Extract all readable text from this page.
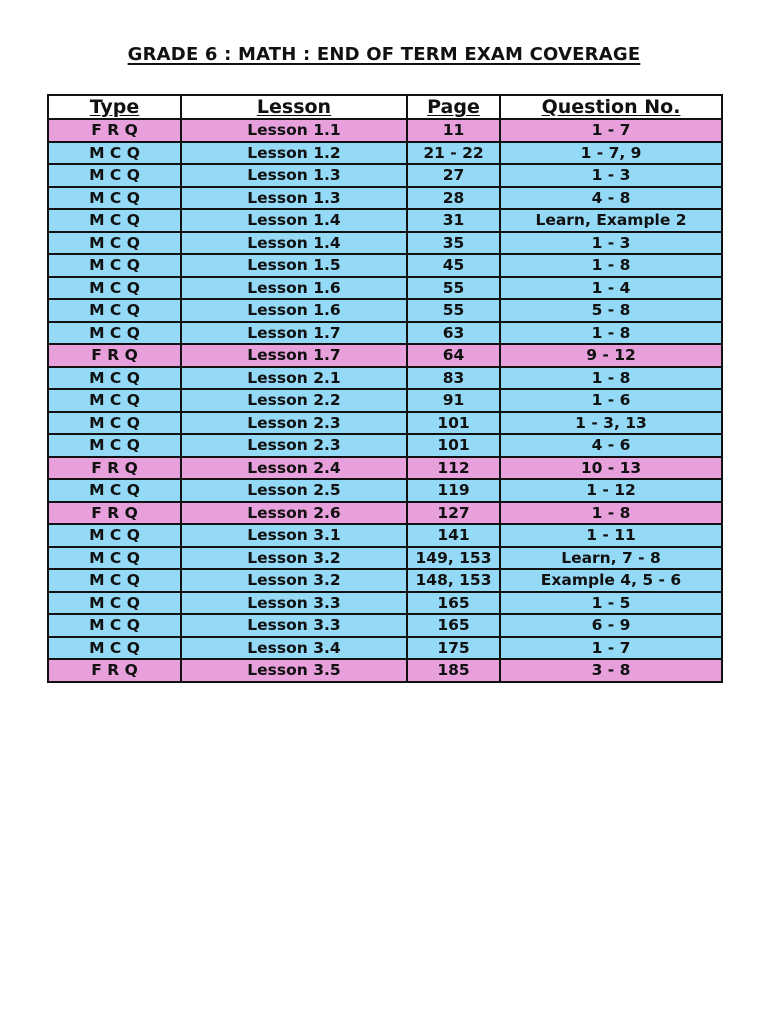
GRADE 6 : MATH : END OF TERM EXAM COVERAGE
Type	Lesson	Page	Question No.
F R Q	Lesson 1.1	11	1 - 7
M C Q	Lesson 1.2	21 - 22	1 - 7, 9
M C Q	Lesson 1.3	27	1 - 3
M C Q	Lesson 1.3	28	4 - 8
M C Q	Lesson 1.4	31	Learn, Example 2
M C Q	Lesson 1.4	35	1 - 3
M C Q	Lesson 1.5	45	1 - 8
M C Q	Lesson 1.6	55	1 - 4
M C Q	Lesson 1.6	55	5 - 8
M C Q	Lesson 1.7	63	1 - 8
F R Q	Lesson 1.7	64	9 - 12
M C Q	Lesson 2.1	83	1 - 8
M C Q	Lesson 2.2	91	1 - 6
M C Q	Lesson 2.3	101	1 - 3, 13
M C Q	Lesson 2.3	101	4 - 6
F R Q	Lesson 2.4	112	10 - 13
M C Q	Lesson 2.5	119	1 - 12
F R Q	Lesson 2.6	127	1 - 8
M C Q	Lesson 3.1	141	1 - 11
M C Q	Lesson 3.2	149, 153	Learn, 7 - 8
M C Q	Lesson 3.2	148, 153	Example 4, 5 - 6
M C Q	Lesson 3.3	165	1 - 5
M C Q	Lesson 3.3	165	6 - 9
M C Q	Lesson 3.4	175	1 - 7
F R Q	Lesson 3.5	185	3 - 8
